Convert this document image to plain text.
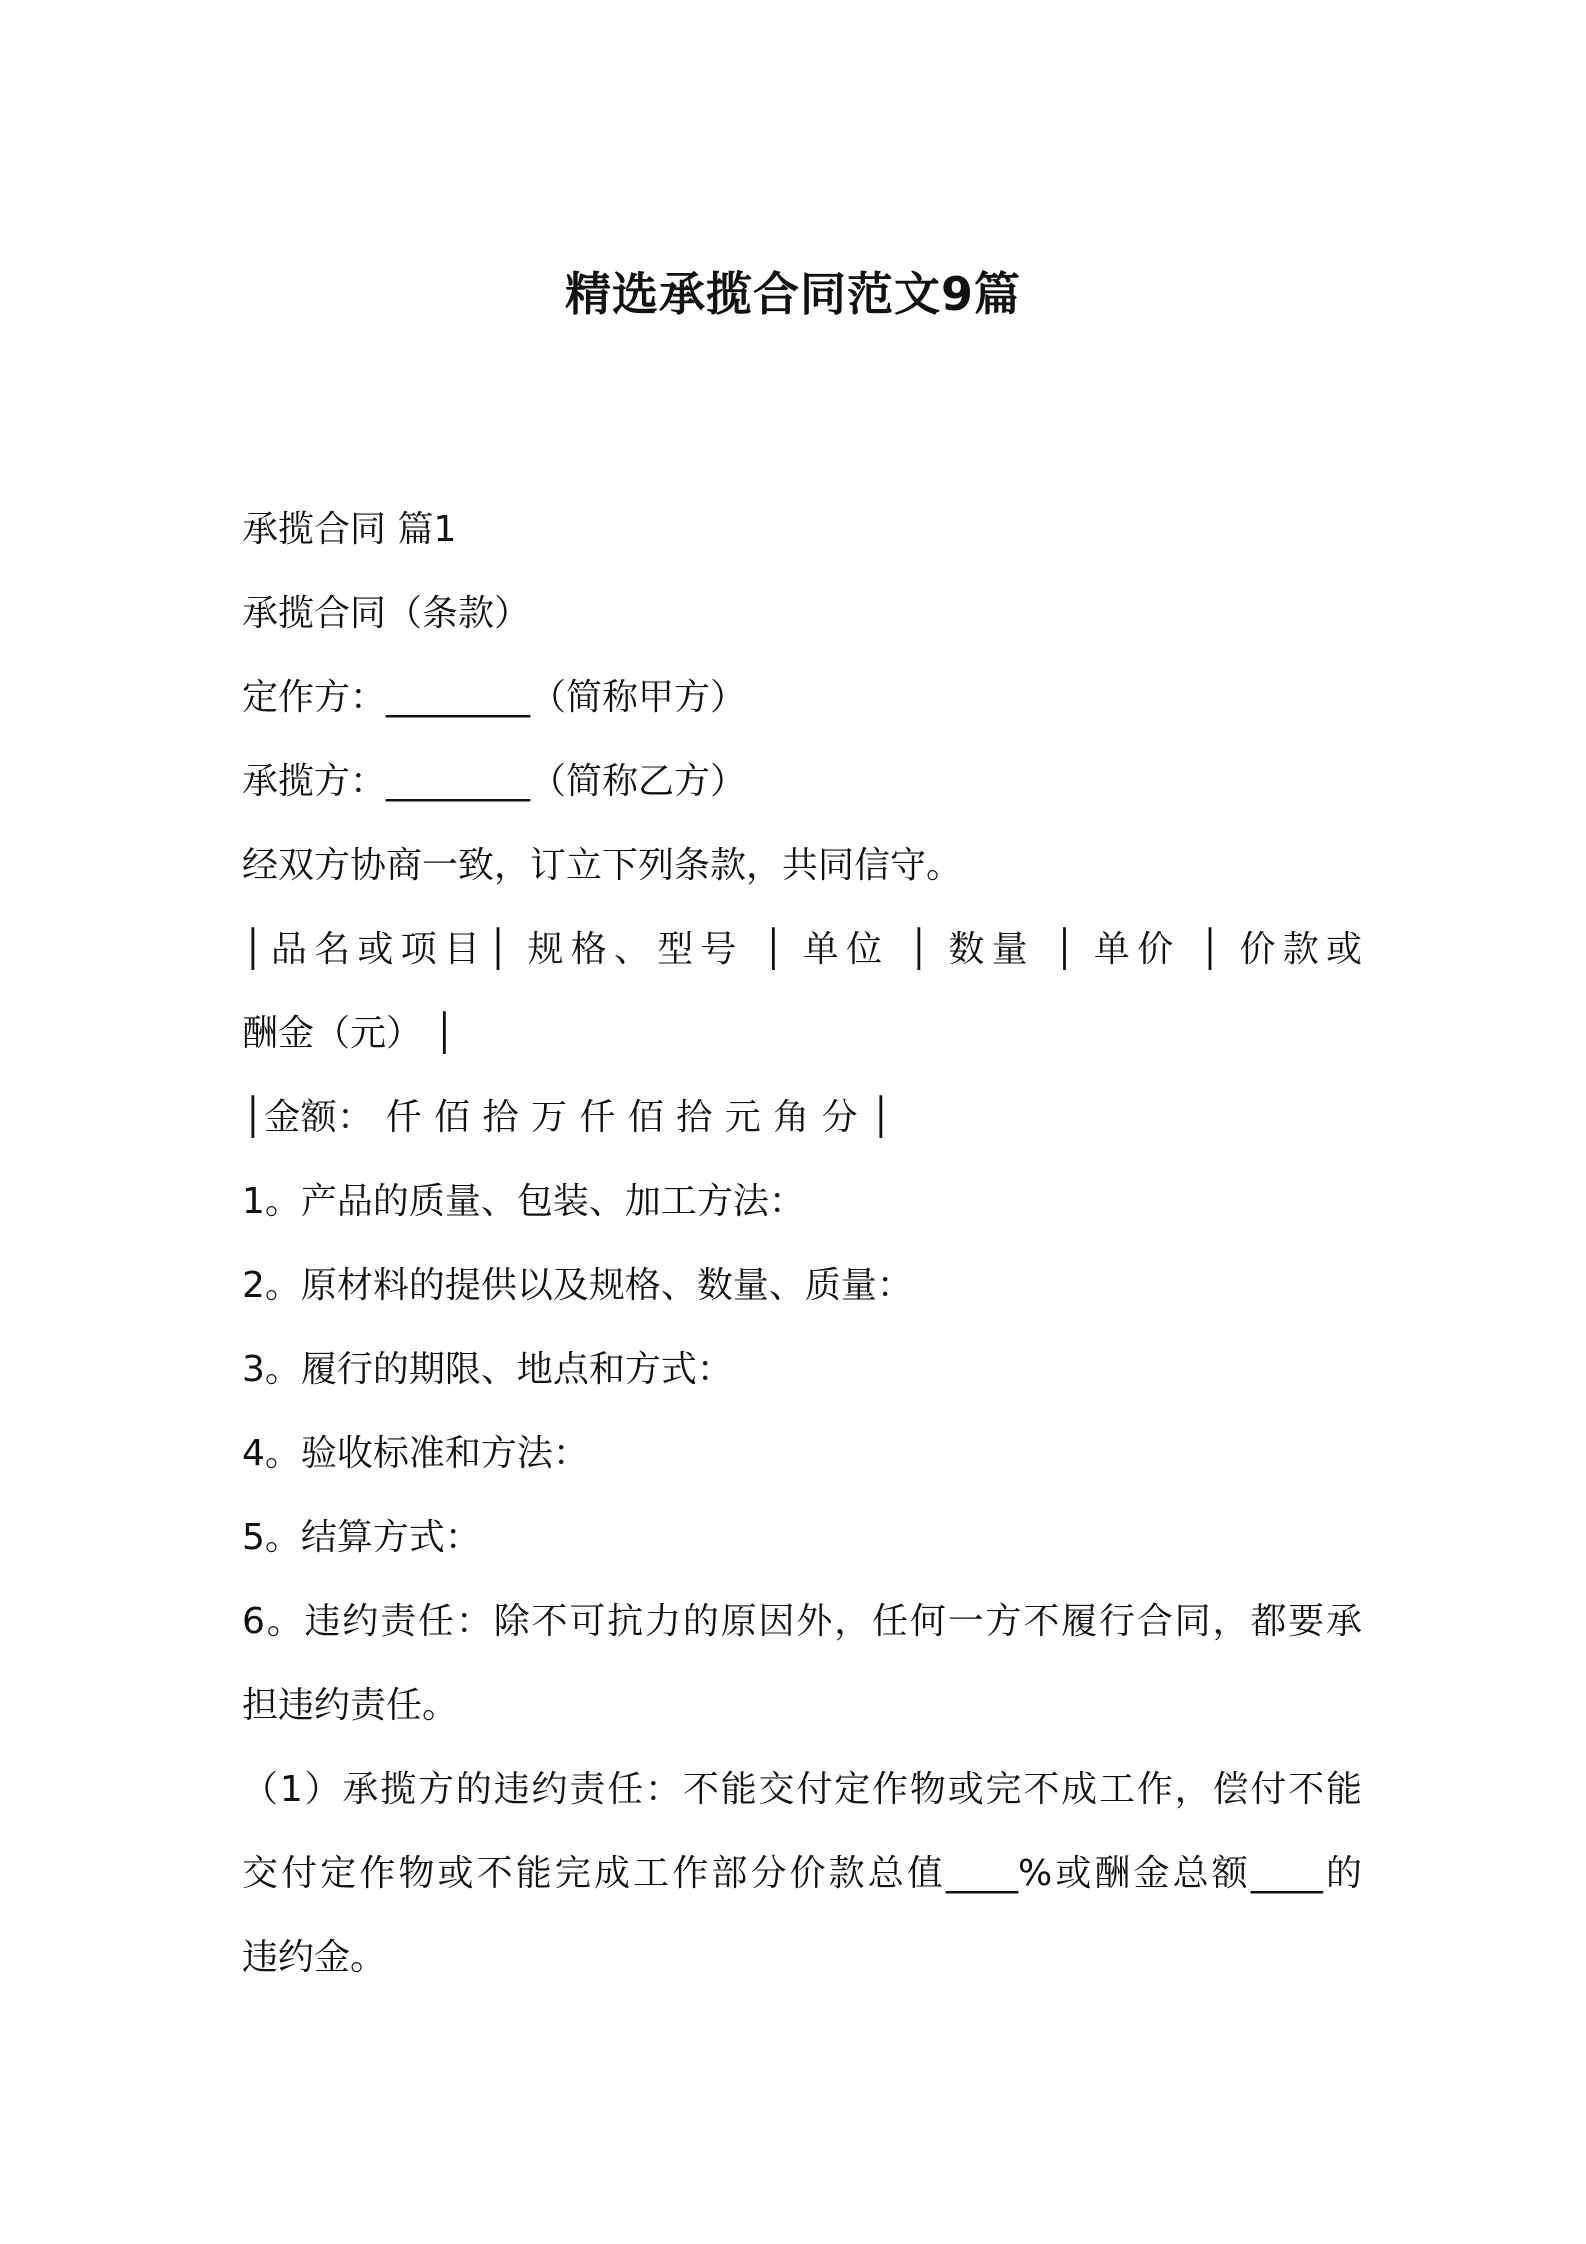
精选承揽合同范文9篇
承揽合同 篇1
承揽合同（条款）
定作方：________（简称甲方）
承揽方：________（简称乙方）
经双方协商一致，订立下列条款，共同信守。
│品名或项目│ 规格、型号 │ 单位 │ 数量 │ 单价 │ 价款或
酬金（元） │
│金额： 仟 佰 拾 万 仟 佰 拾 元 角 分 │
1。产品的质量、包装、加工方法：
2。原材料的提供以及规格、数量、质量：
3。履行的期限、地点和方式：
4。验收标准和方法：
5。结算方式：
6。违约责任：除不可抗力的原因外，任何一方不履行合同，都要承
担违约责任。
（1）承揽方的违约责任：不能交付定作物或完不成工作，偿付不能
交付定作物或不能完成工作部分价款总值____%或酬金总额____的
违约金。
